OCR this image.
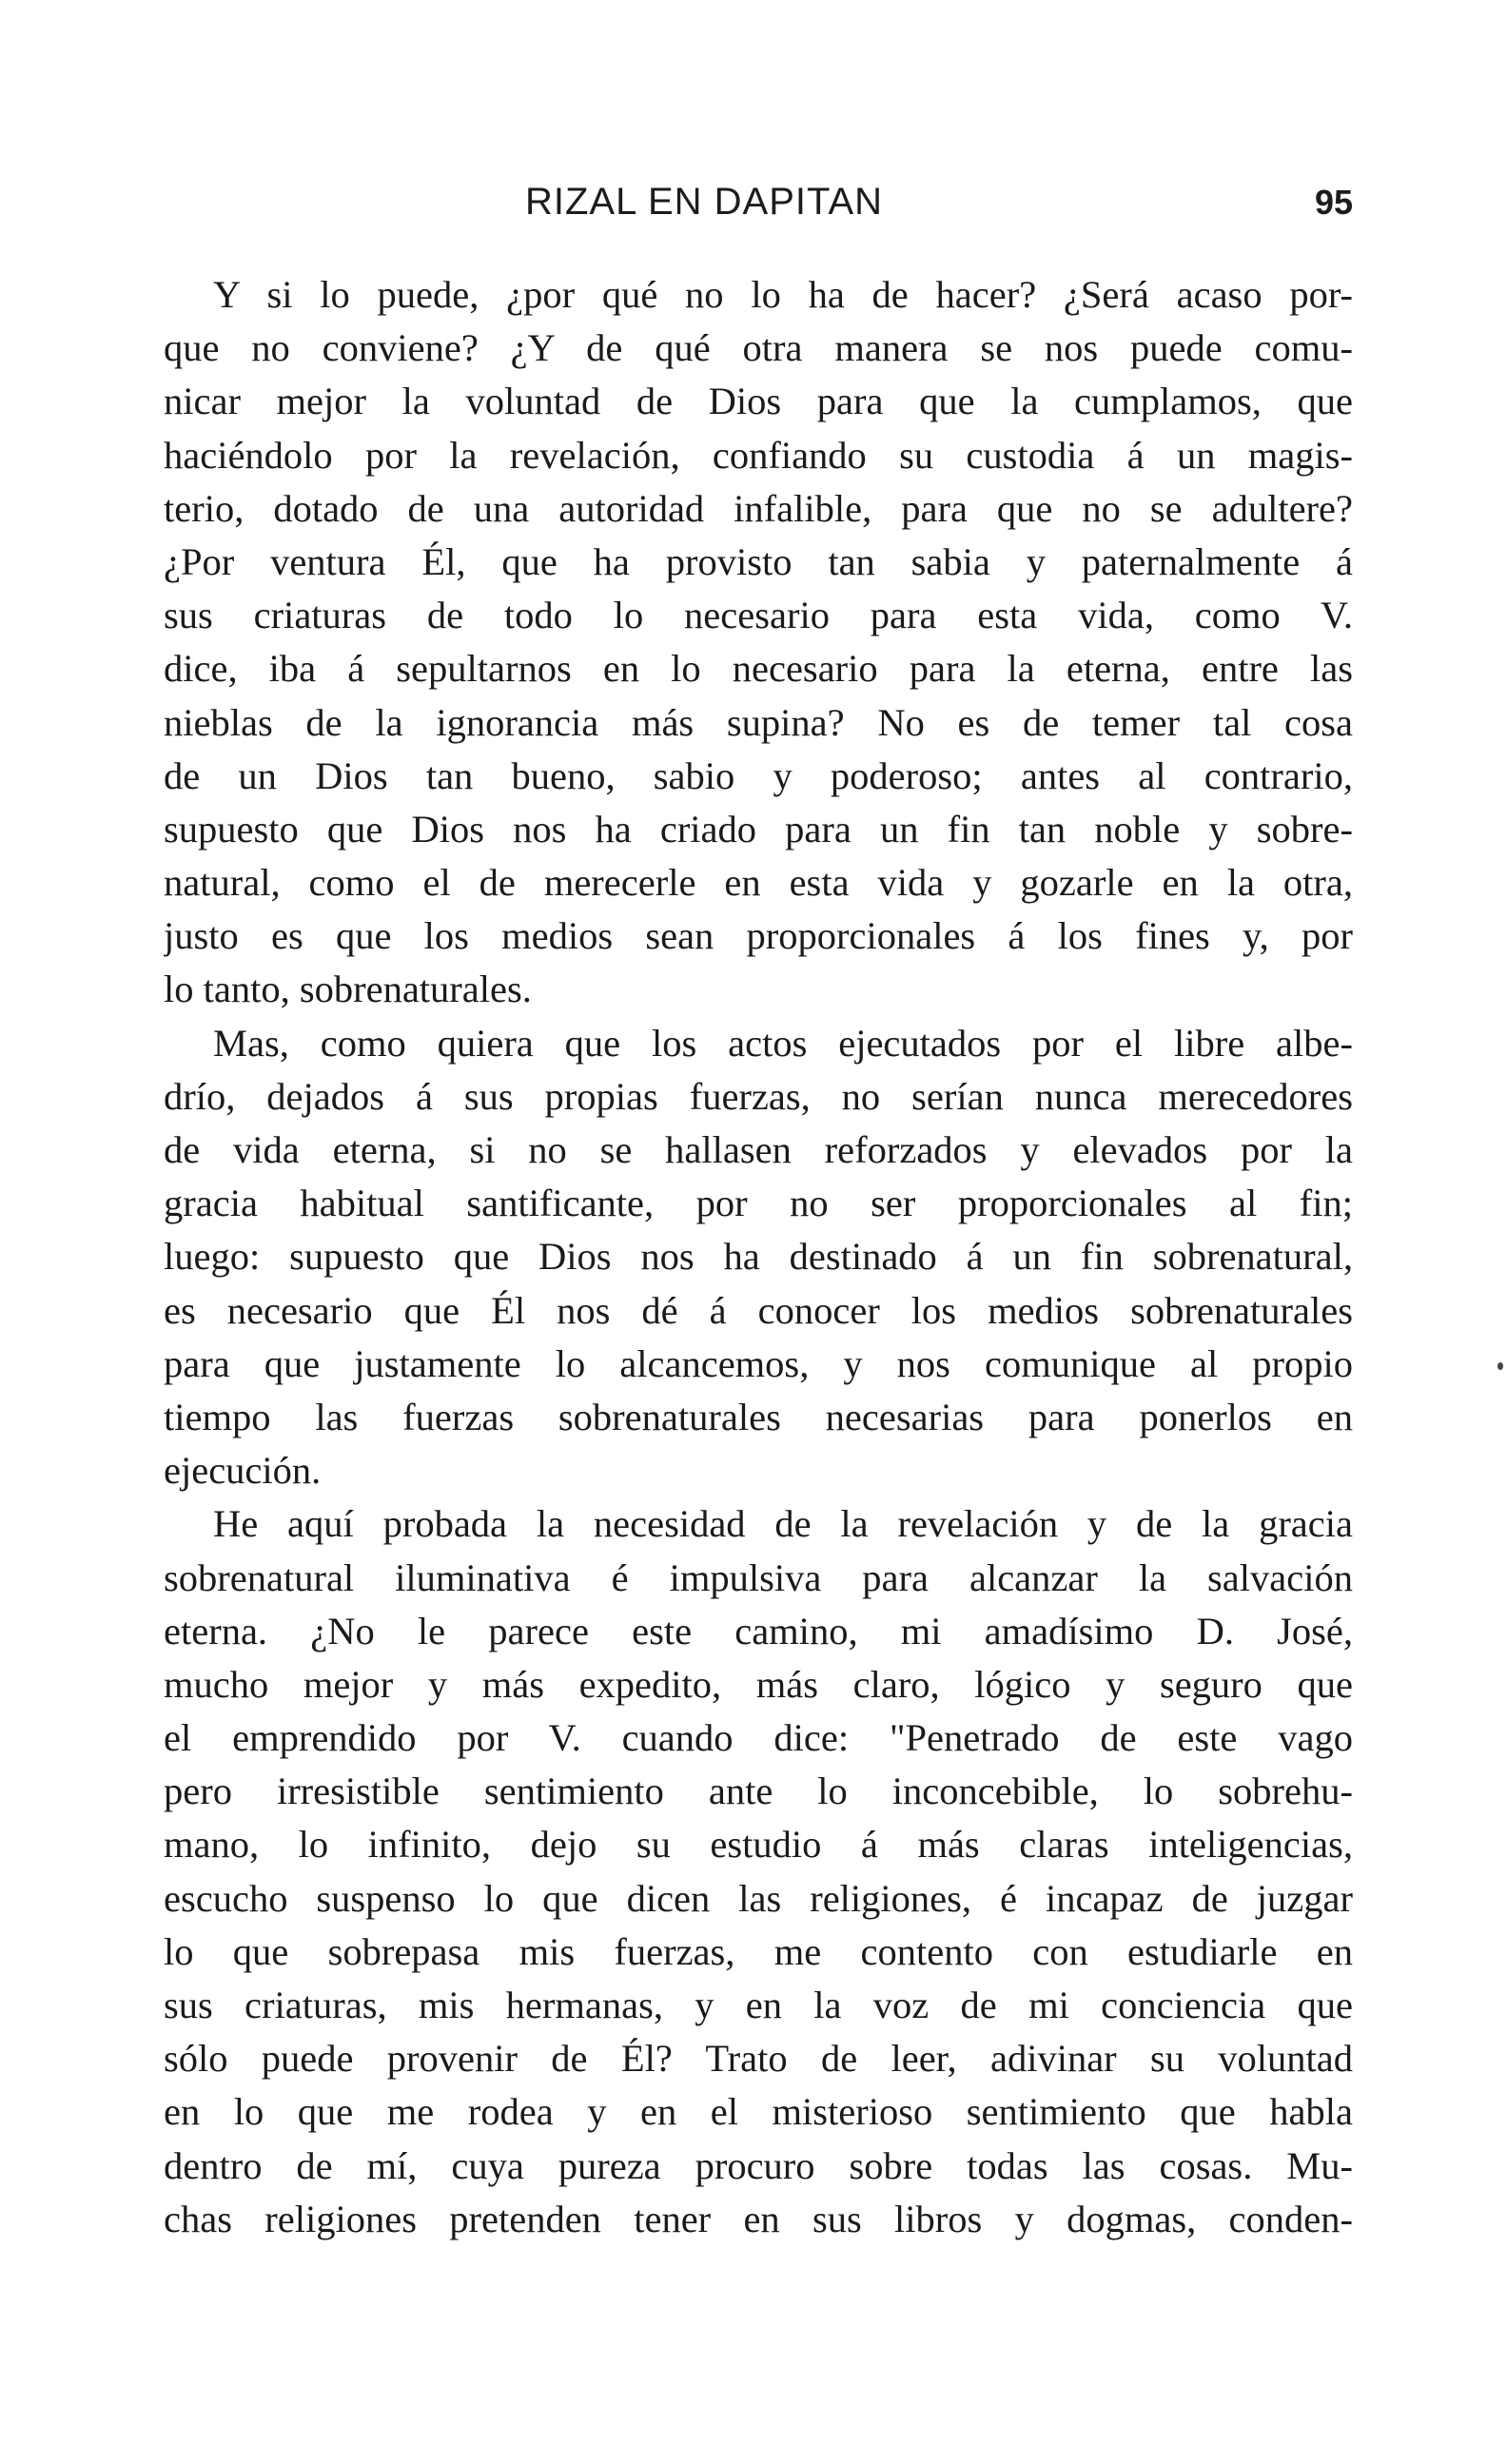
RIZAL EN DAPITAN	95
Y si lo puede, ¿por qué no lo ha de hacer? ¿Será acaso por-
que no conviene? ¿Y de qué otra manera se nos puede comu-
nicar mejor la voluntad de Dios para que la cumplamos, que
haciéndolo por la revelación, confiando su custodia á un magis-
terio, dotado de una autoridad infalible, para que no se adultere?
¿Por ventura Él, que ha provisto tan sabia y paternalmente á
sus criaturas de todo lo necesario para esta vida, como V.
dice, iba á sepultarnos en lo necesario para la eterna, entre las
nieblas de la ignorancia más supina? No es de temer tal cosa
de un Dios tan bueno, sabio y poderoso; antes al contrario,
supuesto que Dios nos ha criado para un fin tan noble y sobre-
natural, como el de merecerle en esta vida y gozarle en la otra,
justo es que los medios sean proporcionales á los fines y, por
lo tanto, sobrenaturales.
Mas, como quiera que los actos ejecutados por el libre albe-
drío, dejados á sus propias fuerzas, no serían nunca merecedores
de vida eterna, si no se hallasen reforzados y elevados por la
gracia habitual santificante, por no ser proporcionales al fin;
luego: supuesto que Dios nos ha destinado á un fin sobrenatural,
es necesario que Él nos dé á conocer los medios sobrenaturales
para que justamente lo alcancemos, y nos comunique al propio
tiempo las fuerzas sobrenaturales necesarias para ponerlos en
ejecución.
He aquí probada la necesidad de la revelación y de la gracia
sobrenatural iluminativa é impulsiva para alcanzar la salvación
eterna. ¿No le parece este camino, mi amadísimo D. José,
mucho mejor y más expedito, más claro, lógico y seguro que
el emprendido por V. cuando dice: "Penetrado de este vago
pero irresistible sentimiento ante lo inconcebible, lo sobrehu-
mano, lo infinito, dejo su estudio á más claras inteligencias,
escucho suspenso lo que dicen las religiones, é incapaz de juzgar
lo que sobrepasa mis fuerzas, me contento con estudiarle en
sus criaturas, mis hermanas, y en la voz de mi conciencia que
sólo puede provenir de Él? Trato de leer, adivinar su voluntad
en lo que me rodea y en el misterioso sentimiento que habla
dentro de mí, cuya pureza procuro sobre todas las cosas. Mu-
chas religiones pretenden tener en sus libros y dogmas, conden-
